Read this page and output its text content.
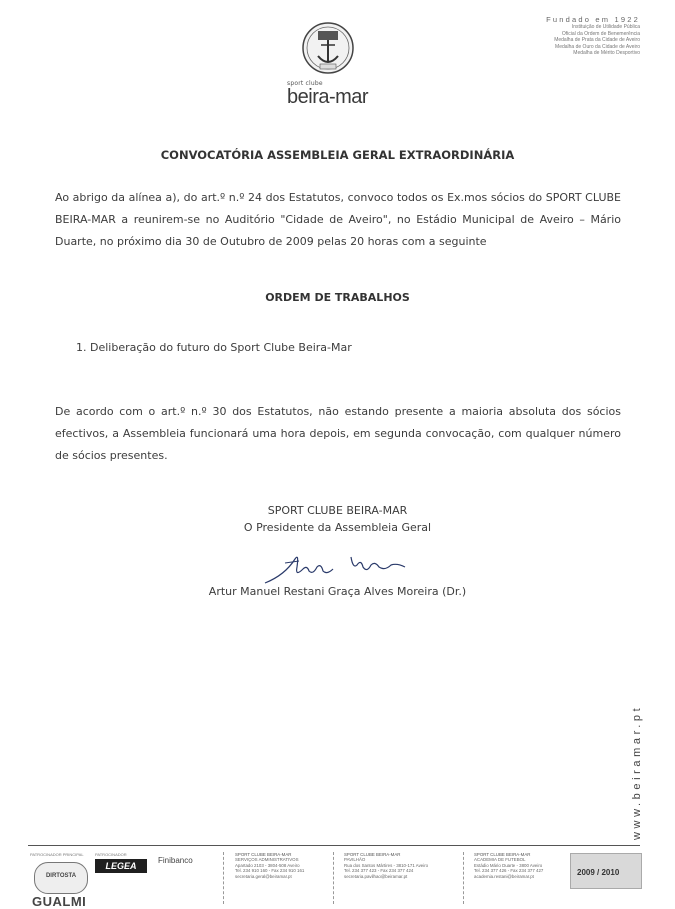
sport clube
beira-mar
Fundado em 1922
Instituição de Utilidade Pública
Oficial da Ordem de Benemerência
Medalha de Prata da Cidade de Aveiro
Medalha de Ouro da Cidade de Aveiro
Medalha de Mérito Desportivo
CONVOCATÓRIA ASSEMBLEIA GERAL EXTRAORDINÁRIA
Ao abrigo da alínea a), do art.º n.º 24 dos Estatutos, convoco todos os Ex.mos sócios do SPORT CLUBE BEIRA-MAR a reunirem-se no Auditório "Cidade de Aveiro", no Estádio Municipal de Aveiro – Mário Duarte, no próximo dia 30 de Outubro de 2009 pelas 20 horas com a seguinte
ORDEM DE TRABALHOS
1. Deliberação do futuro do Sport Clube Beira-Mar
De acordo com o art.º n.º 30 dos Estatutos, não estando presente a maioria absoluta dos sócios efectivos, a Assembleia funcionará uma hora depois, em segunda convocação, com qualquer número de sócios presentes.
SPORT CLUBE BEIRA-MAR
O Presidente da Assembleia Geral
Artur Manuel Restani Graça Alves Moreira (Dr.)
www.beiramar.pt
PATROCINADOR PRINCIPAL
DIRTOSTA
GUALMI
PATROCINADOR
LEGEA
Finibanco
SPORT CLUBE BEIRA-MAR
SERVIÇOS ADMINISTRATIVOS
Apartado 2103 - 3804-508 Aveiro
Tel. 234 910 160 - Fax 234 910 161
secretaria.geral@beiramar.pt
SPORT CLUBE BEIRA-MAR
PAVILHÃO
Rua dos Santos Mártires - 3810-171 Aveiro
Tel. 234 377 423 - Fax 234 377 424
secretaria.pavilhao@beiramar.pt
SPORT CLUBE BEIRA-MAR
ACADEMIA DE FUTEBOL
Estádio Mário Duarte - 3800 Aveiro
Tel. 234 377 426 - Fax 234 377 427
academia.restani@beiramar.pt	2009 / 2010
